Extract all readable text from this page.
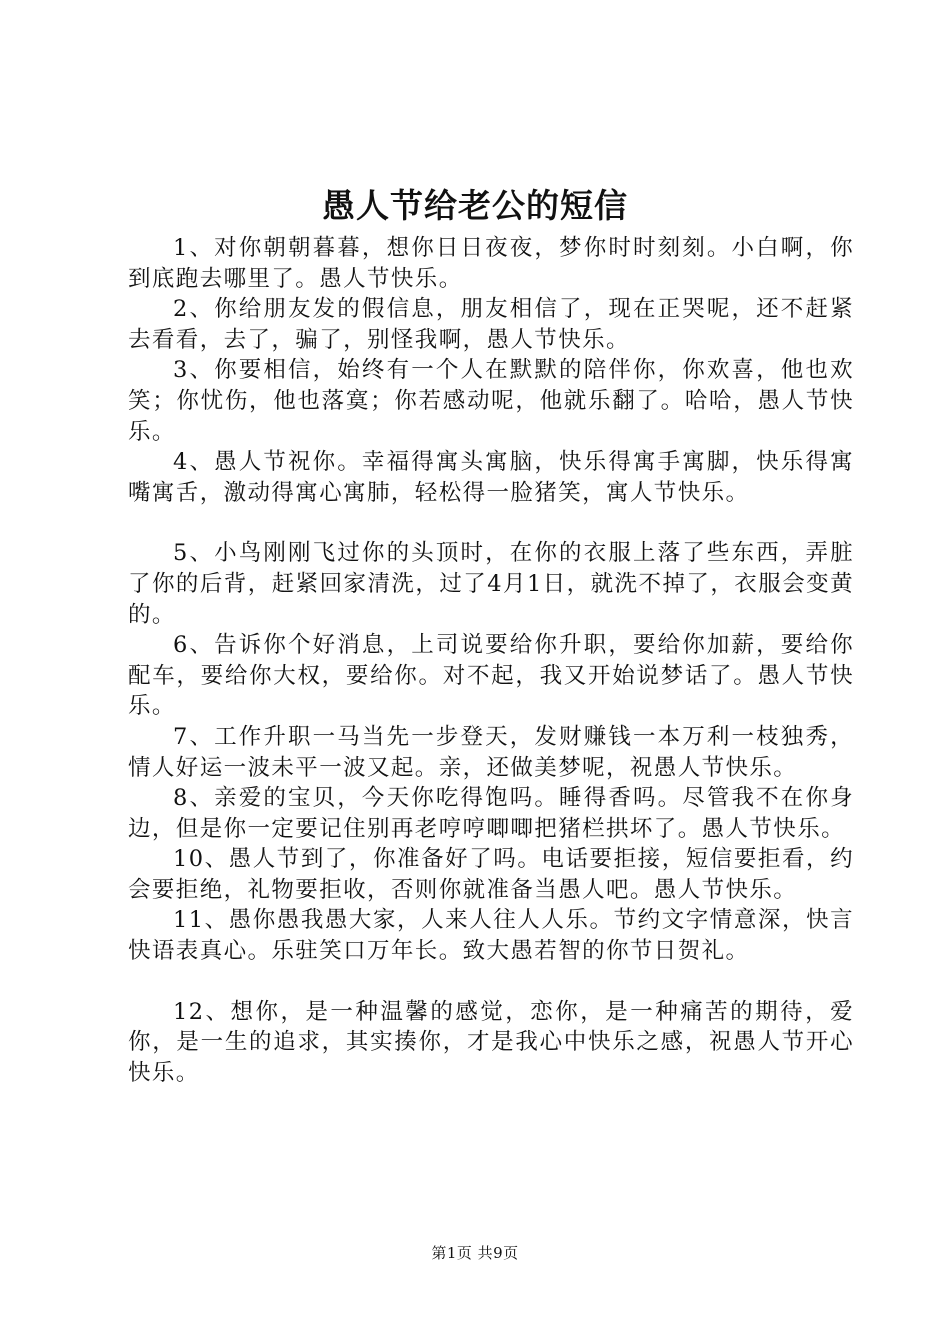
愚人节给老公的短信

1、对你朝朝暮暮，想你日日夜夜，梦你时时刻刻。小白啊，你到底跑去哪里了。愚人节快乐。

2、你给朋友发的假信息，朋友相信了，现在正哭呢，还不赶紧去看看，去了，骗了，别怪我啊，愚人节快乐。

3、你要相信，始终有一个人在默默的陪伴你，你欢喜，他也欢笑；你忧伤，他也落寞；你若感动呢，他就乐翻了。哈哈，愚人节快乐。

4、愚人节祝你。幸福得寓头寓脑，快乐得寓手寓脚，快乐得寓嘴寓舌，激动得寓心寓肺，轻松得一脸猪笑，寓人节快乐。

5、小鸟刚刚飞过你的头顶时，在你的衣服上落了些东西，弄脏了你的后背，赶紧回家清洗，过了4月1日，就洗不掉了，衣服会变黄的。

6、告诉你个好消息，上司说要给你升职，要给你加薪，要给你配车，要给你大权，要给你。对不起，我又开始说梦话了。愚人节快乐。

7、工作升职一马当先一步登天，发财赚钱一本万利一枝独秀，情人好运一波未平一波又起。亲，还做美梦呢，祝愚人节快乐。

8、亲爱的宝贝，今天你吃得饱吗。睡得香吗。尽管我不在你身边，但是你一定要记住别再老哼哼唧唧把猪栏拱坏了。愚人节快乐。

10、愚人节到了，你准备好了吗。电话要拒接，短信要拒看，约会要拒绝，礼物要拒收，否则你就准备当愚人吧。愚人节快乐。

11、愚你愚我愚大家，人来人往人人乐。节约文字情意深，快言快语表真心。乐驻笑口万年长。致大愚若智的你节日贺礼。

12、想你，是一种温馨的感觉，恋你，是一种痛苦的期待，爱你，是一生的追求，其实揍你，才是我心中快乐之感，祝愚人节开心快乐。

第1页 共9页
